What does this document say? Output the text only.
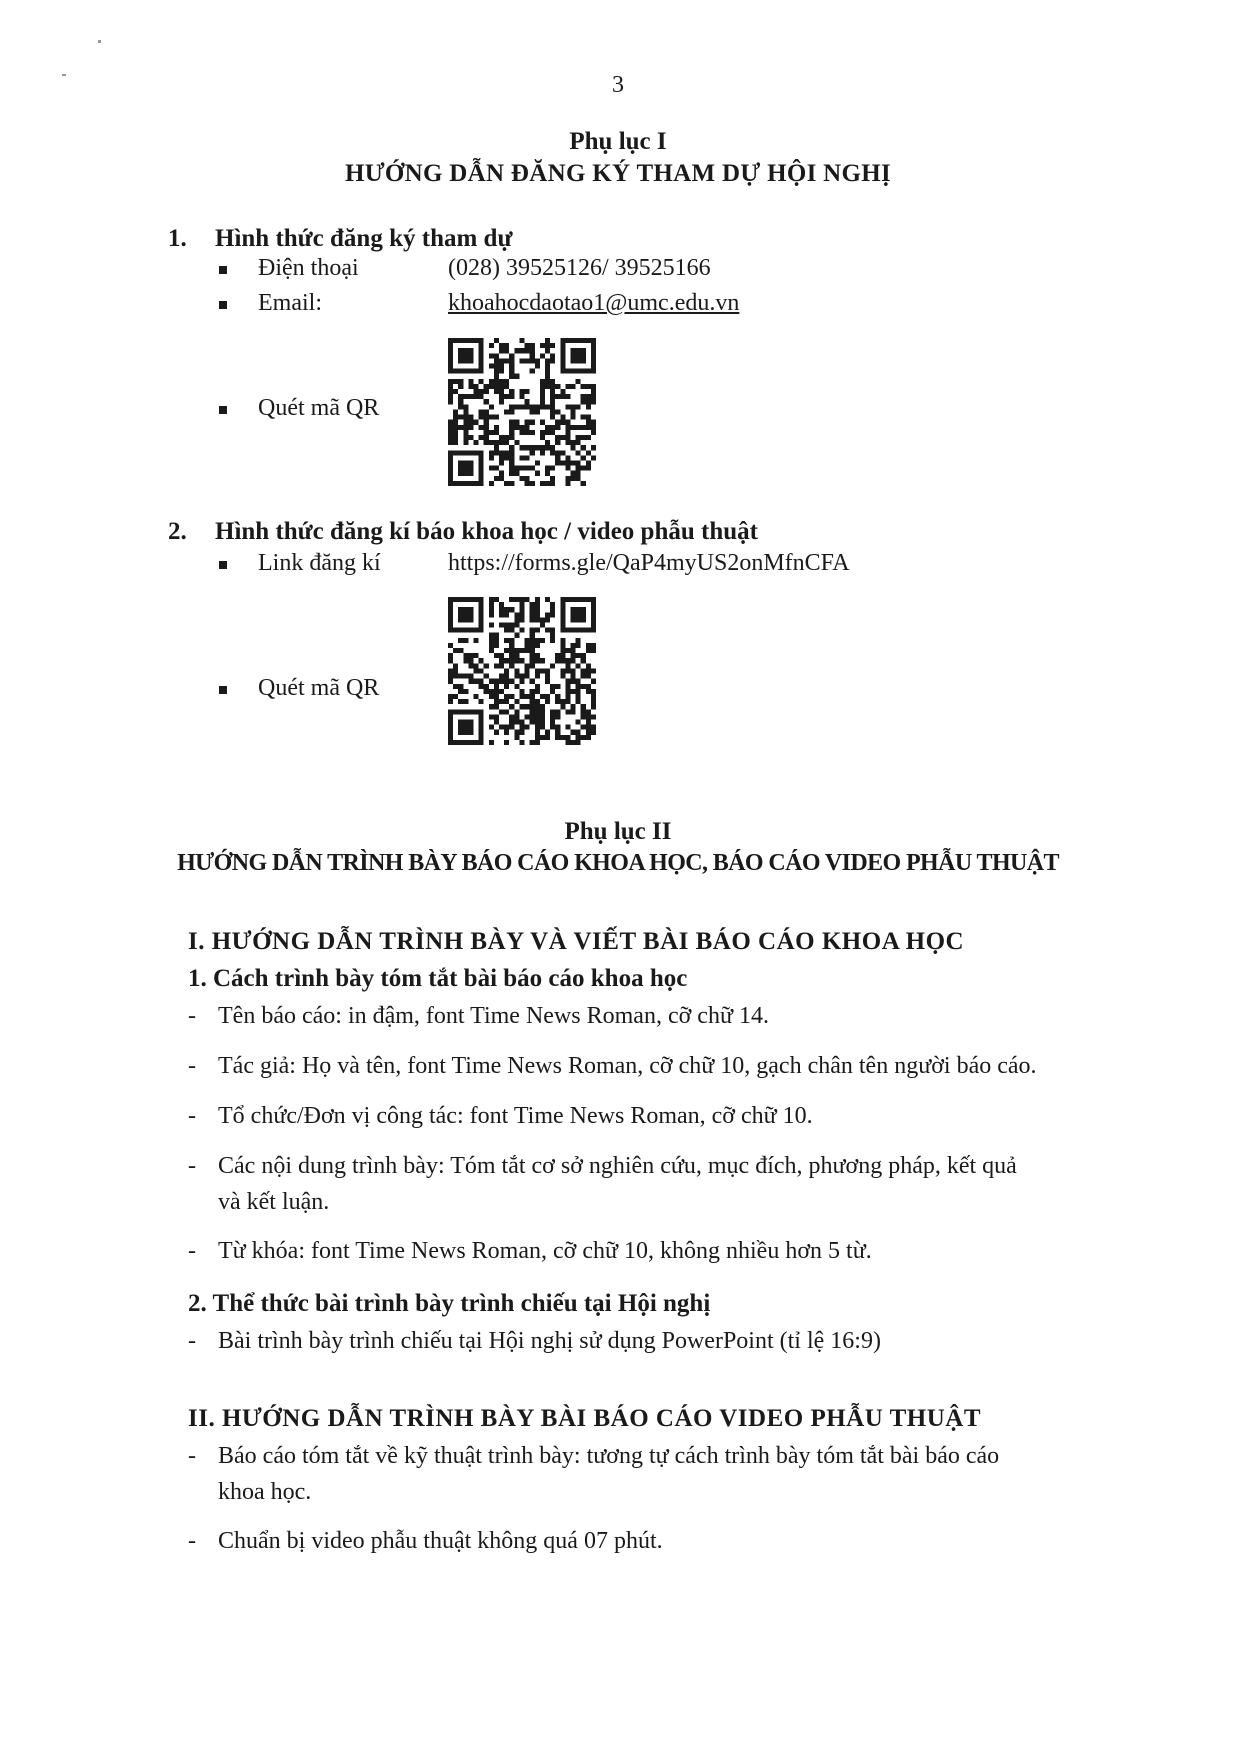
3
Phụ lục I
HƯỚNG DẪN ĐĂNG KÝ THAM DỰ HỘI NGHỊ
1. Hình thức đăng ký tham dự
Điện thoại	(028) 39525126/ 39525166
Email:	khoahocdaotao1@umc.edu.vn
Quét mã QR
2. Hình thức đăng kí báo khoa học / video phẫu thuật
Link đăng kí	https://forms.gle/QaP4myUS2onMfnCFA
Quét mã QR
Phụ lục II
HƯỚNG DẪN TRÌNH BÀY BÁO CÁO KHOA HỌC, BÁO CÁO VIDEO PHẪU THUẬT
I. HƯỚNG DẪN TRÌNH BÀY VÀ VIẾT BÀI BÁO CÁO KHOA HỌC
1. Cách trình bày tóm tắt bài báo cáo khoa học
- Tên báo cáo: in đậm, font Time News Roman, cỡ chữ 14.
- Tác giả: Họ và tên, font Time News Roman, cỡ chữ 10, gạch chân tên người báo cáo.
- Tổ chức/Đơn vị công tác: font Time News Roman, cỡ chữ 10.
- Các nội dung trình bày: Tóm tắt cơ sở nghiên cứu, mục đích, phương pháp, kết quả
và kết luận.
- Từ khóa: font Time News Roman, cỡ chữ 10, không nhiều hơn 5 từ.
2. Thể thức bài trình bày trình chiếu tại Hội nghị
- Bài trình bày trình chiếu tại Hội nghị sử dụng PowerPoint (tỉ lệ 16:9)
II. HƯỚNG DẪN TRÌNH BÀY BÀI BÁO CÁO VIDEO PHẪU THUẬT
- Báo cáo tóm tắt về kỹ thuật trình bày: tương tự cách trình bày tóm tắt bài báo cáo
khoa học.
- Chuẩn bị video phẫu thuật không quá 07 phút.
